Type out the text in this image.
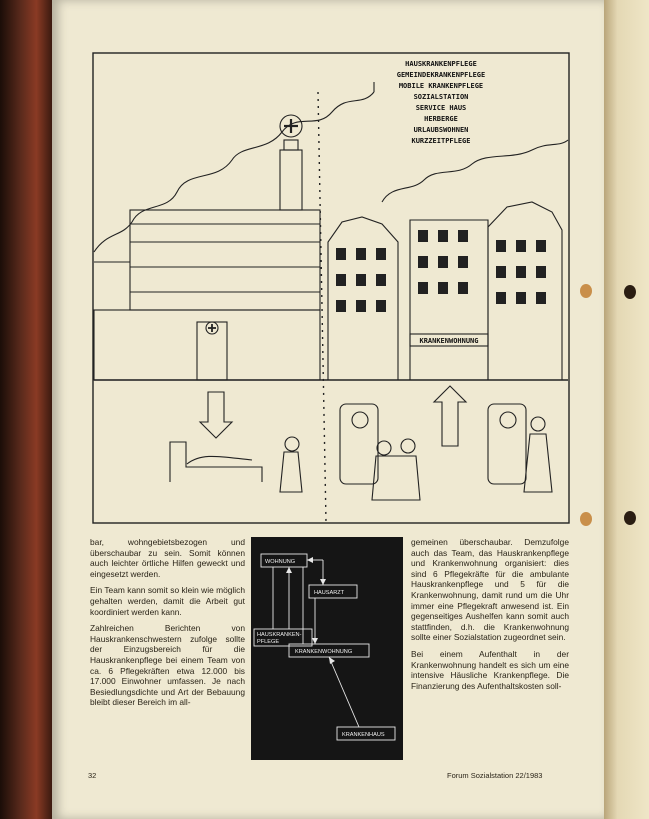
HAUSKRANKENPFLEGE
GEMEINDEKRANKENPFLEGE
MOBILE KRANKENPFLEGE
SOZIALSTATION
SERVICE HAUS
HERBERGE
URLAUBSWOHNEN
KURZZEITPFLEGE
KRANKENWOHNUNG

bar, wohngebietsbezogen und überschaubar zu sein. Somit können auch leichter örtliche Hilfen geweckt und eingesetzt werden.

Ein Team kann somit so klein wie möglich gehalten werden, damit die Arbeit gut koordiniert werden kann.

Zahlreichen Berichten von Hauskrankenschwestern zufolge sollte der Einzugsbereich für die Hauskrankenpflege bei einem Team von ca. 6 Pflegekräften etwa 12.000 bis 17.000 Einwohner umfassen. Je nach Besiedlungsdichte und Art der Bebauung bleibt dieser Bereich im all-

WOHNUNG
HAUSARZT
HAUSKRANKEN-
PFLEGE
KRANKENWOHNUNG
KRANKENHAUS

gemeinen überschaubar. Demzufolge auch das Team, das Hauskrankenpflege und Krankenwohnung organisiert: dies sind 6 Pflegekräfte für die ambulante Hauskrankenpflege und 5 für die Krankenwohnung, damit rund um die Uhr immer eine Pflegekraft anwesend ist. Ein gegenseitiges Aushelfen kann somit auch stattfinden, d.h. die Krankenwohnung sollte einer Sozialstation zugeordnet sein.

Bei einem Aufenthalt in der Krankenwohnung handelt es sich um eine intensive Häusliche Krankenpflege. Die Finanzierung des Aufenthaltskosten soll-

32	Forum Sozialstation 22/1983
